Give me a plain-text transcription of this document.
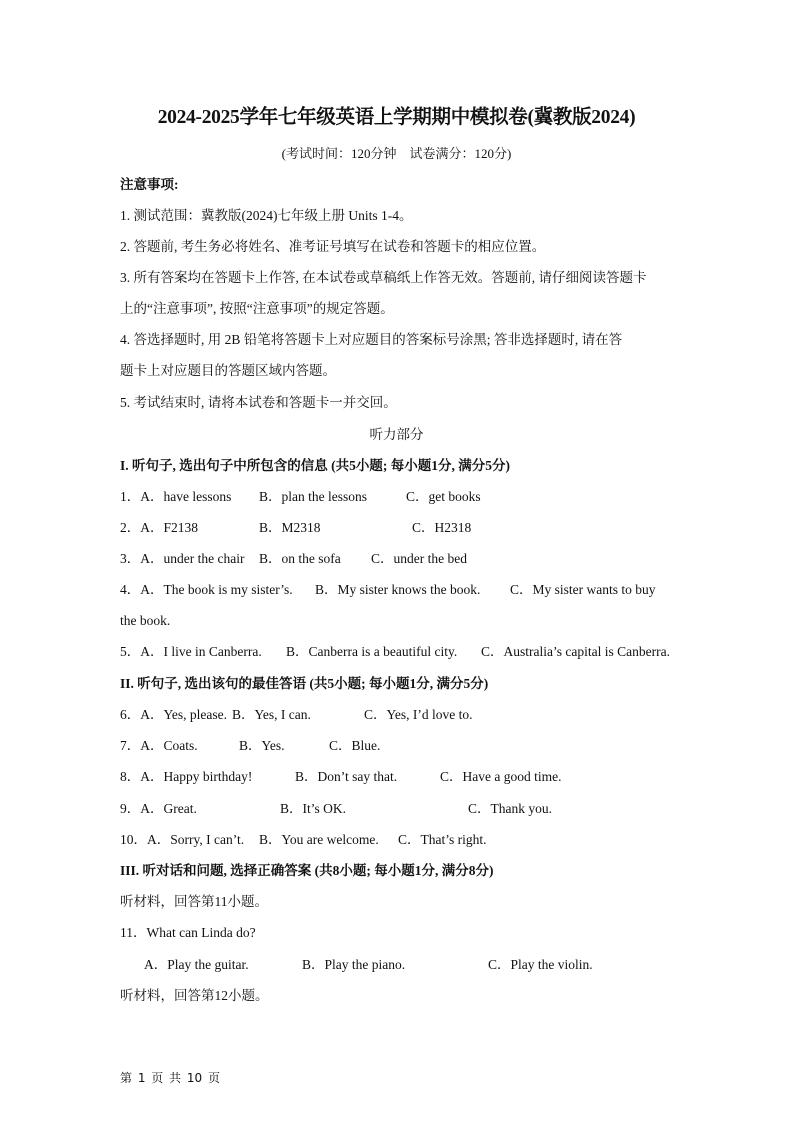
2024-2025学年七年级英语上学期期中模拟卷(冀教版2024)
(考试时间：120分钟　试卷满分：120分)
注意事项:
1. 测试范围：冀教版(2024)七年级上册 Units 1-4。
2. 答题前, 考生务必将姓名、准考证号填写在试卷和答题卡的相应位置。
3. 所有答案均在答题卡上作答, 在本试卷或草稿纸上作答无效。答题前, 请仔细阅读答题卡
上的“注意事项”, 按照“注意事项”的规定答题。
4. 答选择题时, 用 2B 铅笔将答题卡上对应题目的答案标号涂黑; 答非选择题时, 请在答
题卡上对应题目的答题区域内答题。
5. 考试结束时, 请将本试卷和答题卡一并交回。
听力部分
I. 听句子, 选出句子中所包含的信息 (共5小题; 每小题1分, 满分5分)
1．A．have lessons B．plan the lessons	C．get books
2．A．F2138	B．M2318	C．H2318
3．A．under the chair B．on the sofa C．under the bed
4．A．The book is my sister’s. B．My sister knows the book. C．My sister wants to buy
the book.
5．A．I live in Canberra. B．Canberra is a beautiful city. C．Australia’s capital is Canberra.
II. 听句子, 选出该句的最佳答语 (共5小题; 每小题1分, 满分5分)
6．A．Yes, please. B．Yes, I can.	C．Yes, I’d love to.
7．A．Coats.	B．Yes.	C．Blue.
8．A．Happy birthday!	B．Don’t say that.	C．Have a good time.
9．A．Great.	B．It’s OK.	C．Thank you.
10．A．Sorry, I can’t. B．You are welcome. C．That’s right.
III. 听对话和问题, 选择正确答案 (共8小题; 每小题1分, 满分8分)
听材料，回答第11小题。
11．What can Linda do?
A．Play the guitar.	B．Play the piano.	C．Play the violin.
听材料，回答第12小题。
第 1 页 共 10 页
